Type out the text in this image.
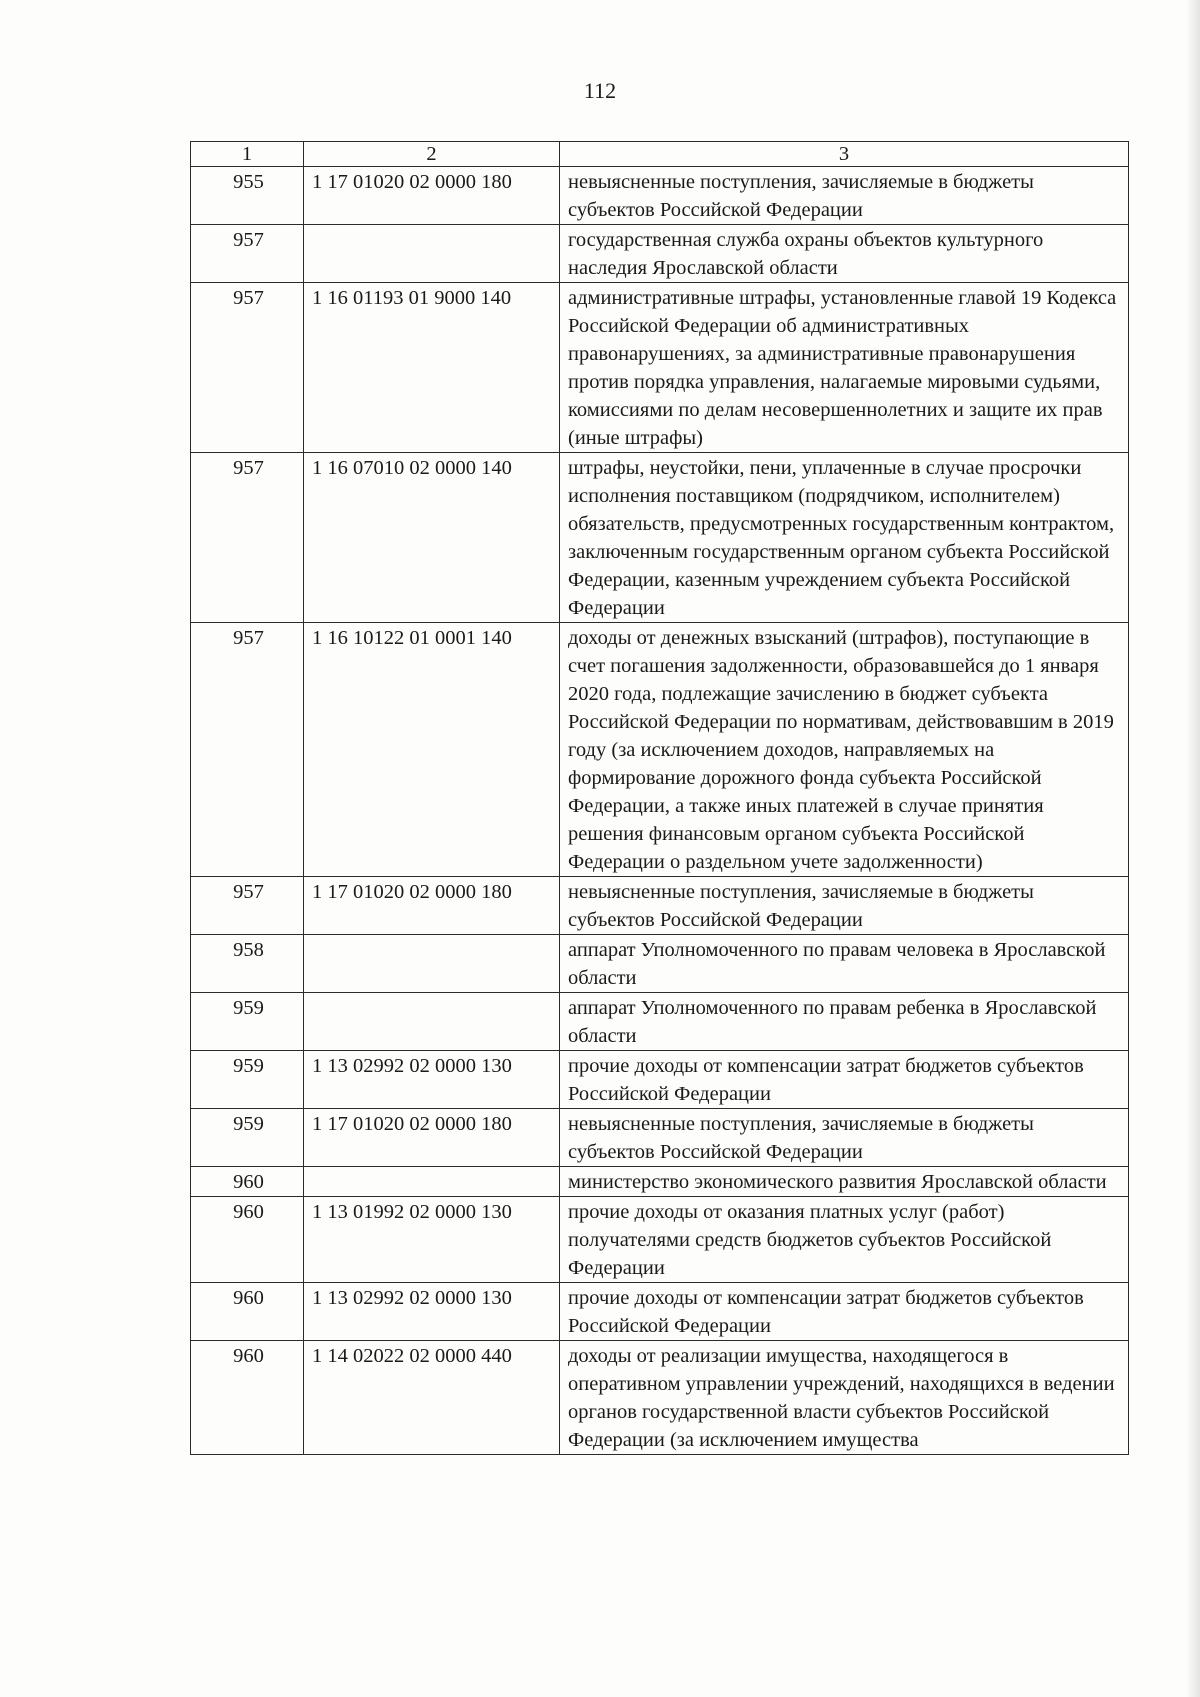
112
1	2	3
955	1 17 01020 02 0000 180	невыясненные поступления, зачисляемые в бюджеты субъектов Российской Федерации
957		государственная служба охраны объектов культурного наследия Ярославской области
957	1 16 01193 01 9000 140	административные штрафы, установленные главой 19 Кодекса Российской Федерации об административных правонарушениях, за административные правонарушения против порядка управления, налагаемые мировыми судьями, комиссиями по делам несовершеннолетних и защите их прав (иные штрафы)
957	1 16 07010 02 0000 140	штрафы, неустойки, пени, уплаченные в случае просрочки исполнения поставщиком (подрядчиком, исполнителем) обязательств, предусмотренных государственным контрактом, заключенным государственным органом субъекта Российской Федерации, казенным учреждением субъекта Российской Федерации
957	1 16 10122 01 0001 140	доходы от денежных взысканий (штрафов), поступающие в счет погашения задолженности, образовавшейся до 1 января 2020 года, подлежащие зачислению в бюджет субъекта Российской Федерации по нормативам, действовавшим в 2019 году (за исключением доходов, направляемых на формирование дорожного фонда субъекта Российской Федерации, а также иных платежей в случае принятия решения финансовым органом субъекта Российской Федерации о раздельном учете задолженности)
957	1 17 01020 02 0000 180	невыясненные поступления, зачисляемые в бюджеты субъектов Российской Федерации
958		аппарат Уполномоченного по правам человека в Ярославской области
959		аппарат Уполномоченного по правам ребенка в Ярославской области
959	1 13 02992 02 0000 130	прочие доходы от компенсации затрат бюджетов субъектов Российской Федерации
959	1 17 01020 02 0000 180	невыясненные поступления, зачисляемые в бюджеты субъектов Российской Федерации
960		министерство экономического развития Ярославской области
960	1 13 01992 02 0000 130	прочие доходы от оказания платных услуг (работ) получателями средств бюджетов субъектов Российской Федерации
960	1 13 02992 02 0000 130	прочие доходы от компенсации затрат бюджетов субъектов Российской Федерации
960	1 14 02022 02 0000 440	доходы от реализации имущества, находящегося в оперативном управлении учреждений, находящихся в ведении органов государственной власти субъектов Российской Федерации (за исключением имущества
